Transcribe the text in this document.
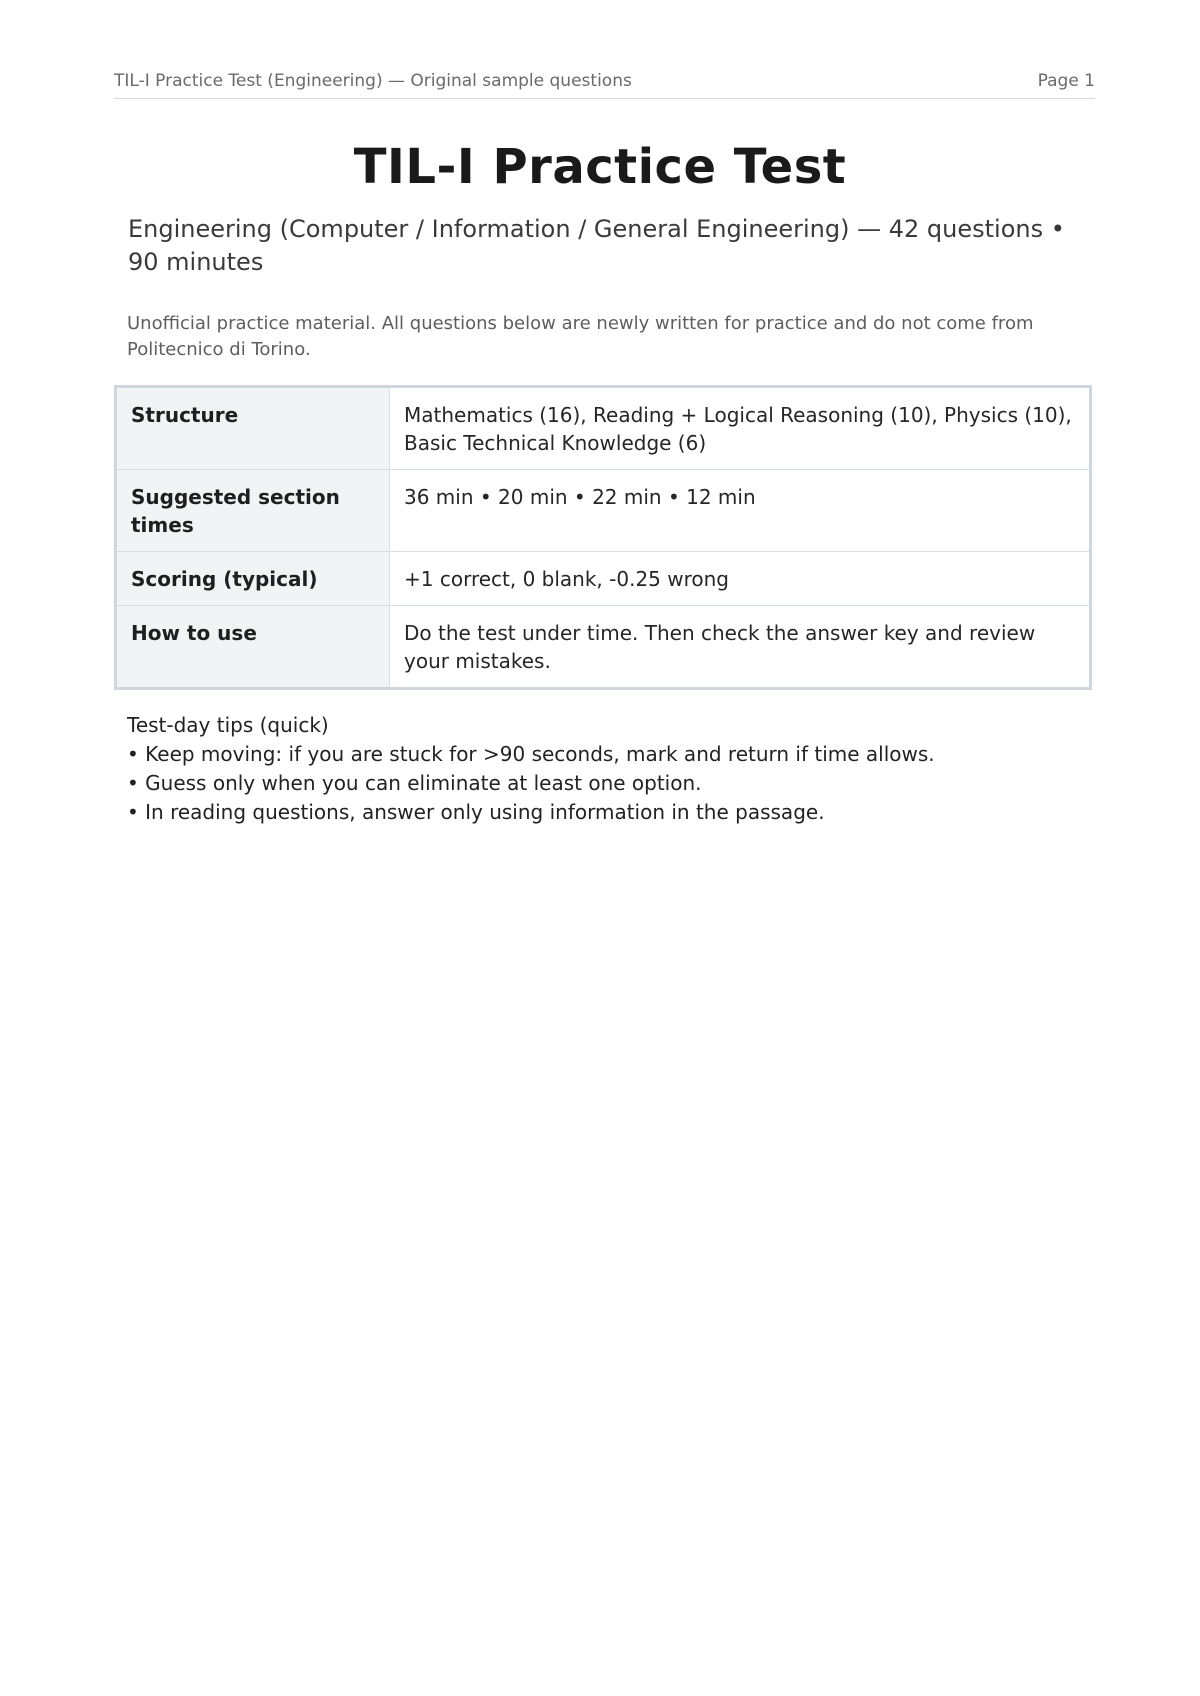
TIL-I Practice Test (Engineering) — Original sample questions	Page 1
TIL-I Practice Test
Engineering (Computer / Information / General Engineering) — 42 questions • 90 minutes
Unofficial practice material. All questions below are newly written for practice and do not come from Politecnico di Torino.
Structure	Mathematics (16), Reading + Logical Reasoning (10), Physics (10), Basic Technical Knowledge (6)
Suggested section times	36 min • 20 min • 22 min • 12 min
Scoring (typical)	+1 correct, 0 blank, -0.25 wrong
How to use	Do the test under time. Then check the answer key and review your mistakes.
Test-day tips (quick)
• Keep moving: if you are stuck for >90 seconds, mark and return if time allows.
• Guess only when you can eliminate at least one option.
• In reading questions, answer only using information in the passage.
